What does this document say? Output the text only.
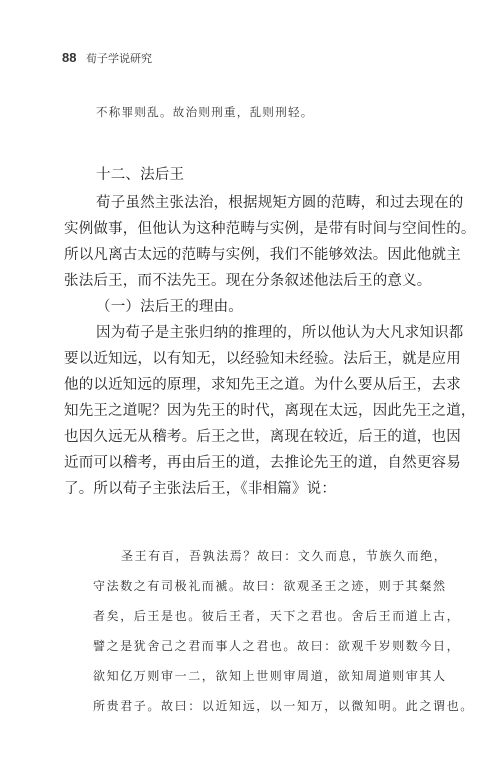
88 荀子学说研究
不称罪则乱。故治则刑重，乱则刑轻。
十二、法后王
荀子虽然主张法治，根据规矩方圆的范畴，和过去现在的
实例做事，但他认为这种范畴与实例，是带有时间与空间性的。
所以凡离古太远的范畴与实例，我们不能够效法。因此他就主
张法后王，而不法先王。现在分条叙述他法后王的意义。
（一）法后王的理由。
因为荀子是主张归纳的推理的，所以他认为大凡求知识都
要以近知远，以有知无，以经验知未经验。法后王，就是应用
他的以近知远的原理，求知先王之道。为什么要从后王，去求
知先王之道呢？因为先王的时代，离现在太远，因此先王之道，
也因久远无从稽考。后王之世，离现在较近，后王的道，也因
近而可以稽考，再由后王的道，去推论先王的道，自然更容易
了。所以荀子主张法后王，《非相篇》说：
圣王有百，吾孰法焉？故曰：文久而息，节族久而绝，
守法数之有司极礼而褫。故曰：欲观圣王之迹，则于其粲然
者矣，后王是也。彼后王者，天下之君也。舍后王而道上古，
譬之是犹舍己之君而事人之君也。故曰：欲观千岁则数今日，
欲知亿万则审一二，欲知上世则审周道，欲知周道则审其人
所贵君子。故曰：以近知远，以一知万，以微知明。此之谓也。
